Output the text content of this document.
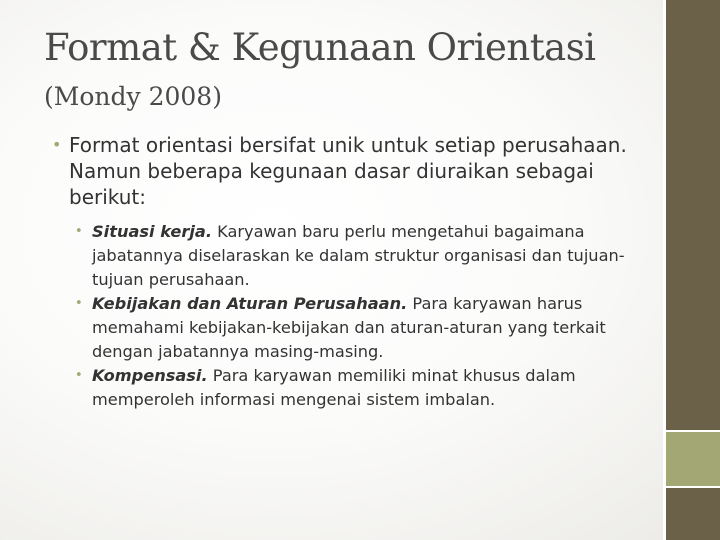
Format & Kegunaan Orientasi
(Mondy 2008)
• Format orientasi bersifat unik untuk setiap perusahaan. Namun beberapa kegunaan dasar diuraikan sebagai berikut:
• Situasi kerja. Karyawan baru perlu mengetahui bagaimana jabatannya diselaraskan ke dalam struktur organisasi dan tujuan-tujuan perusahaan.
• Kebijakan dan Aturan Perusahaan. Para karyawan harus memahami kebijakan-kebijakan dan aturan-aturan yang terkait dengan jabatannya masing-masing.
• Kompensasi. Para karyawan memiliki minat khusus dalam memperoleh informasi mengenai sistem imbalan.
